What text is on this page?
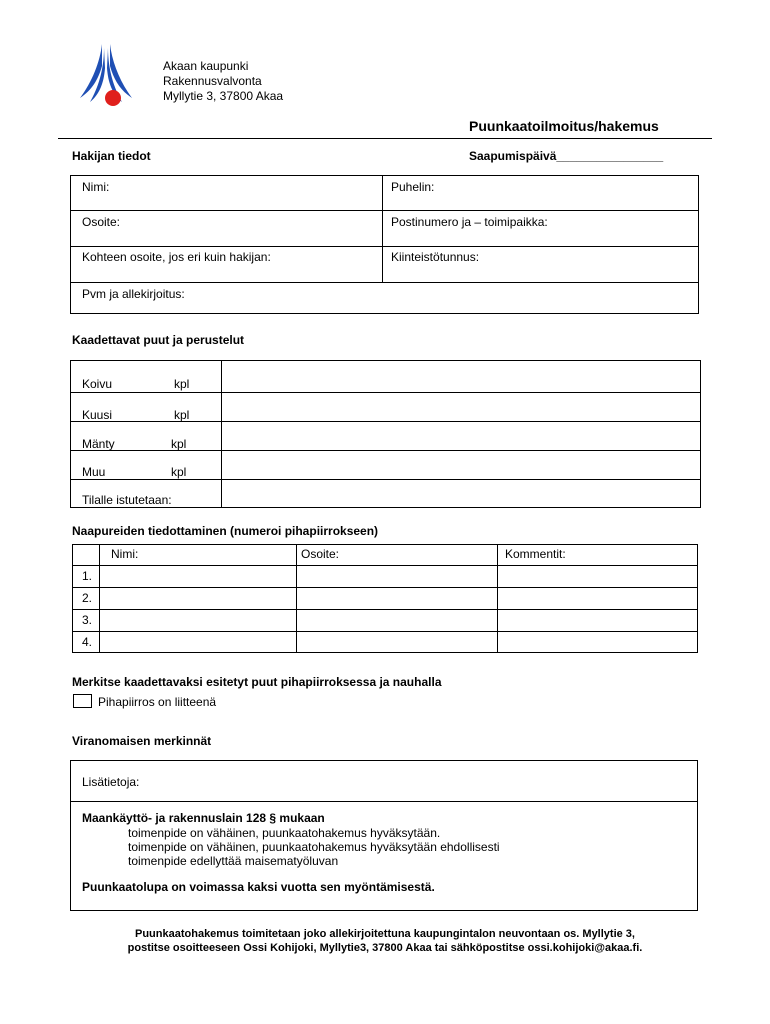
Akaan kaupunki
Rakennusvalvonta
Myllytie 3, 37800 Akaa
Puunkaatoilmoitus/hakemus
Hakijan tiedot	Saapumispäivä________________
Nimi:	Puhelin:
Osoite:	Postinumero ja – toimipaikka:
Kohteen osoite, jos eri kuin hakijan:	Kiinteistötunnus:
Pvm ja allekirjoitus:
Kaadettavat puut ja perustelut
Koivu	kpl
Kuusi	kpl
Mänty	kpl
Muu	kpl
Tilalle istutetaan:
Naapureiden tiedottaminen (numeroi pihapiirrokseen)
Nimi:	Osoite:	Kommentit:
1.
2.
3.
4.
Merkitse kaadettavaksi esitetyt puut pihapiirroksessa ja nauhalla
Pihapiirros on liitteenä
Viranomaisen merkinnät
Lisätietoja:
Maankäyttö- ja rakennuslain 128 § mukaan
toimenpide on vähäinen, puunkaatohakemus hyväksytään.
toimenpide on vähäinen, puunkaatohakemus hyväksytään ehdollisesti
toimenpide edellyttää maisematyöluvan
Puunkaatolupa on voimassa kaksi vuotta sen myöntämisestä.
Puunkaatohakemus toimitetaan joko allekirjoitettuna kaupungintalon neuvontaan os. Myllytie 3,
postitse osoitteeseen Ossi Kohijoki, Myllytie3, 37800 Akaa tai sähköpostitse ossi.kohijoki@akaa.fi.
